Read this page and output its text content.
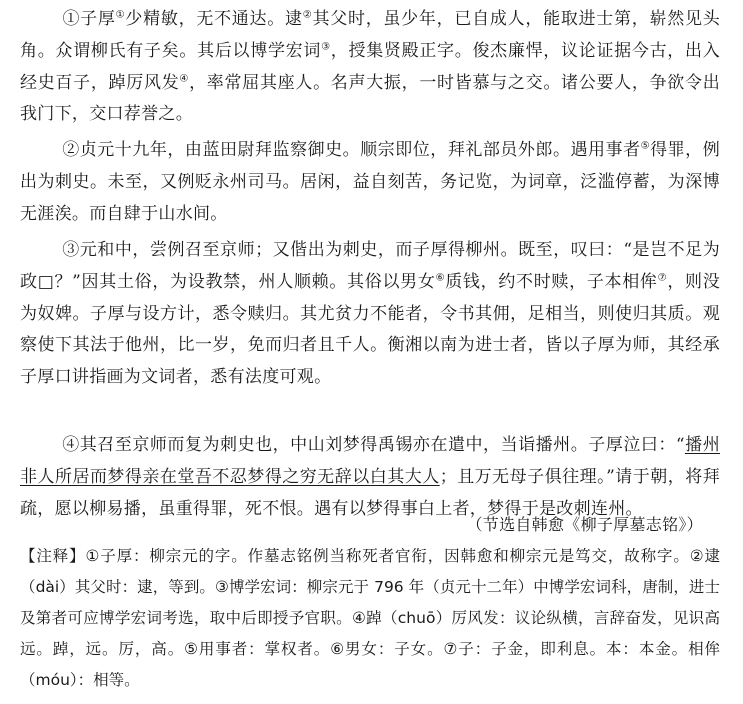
①子厚①少精敏，无不通达。逮②其父时，虽少年，已自成人，能取进士第，崭然见头角。众谓柳氏有子矣。其后以博学宏词③，授集贤殿正字。俊杰廉悍，议论证据今古，出入经史百子，踔厉风发④，率常屈其座人。名声大振，一时皆慕与之交。诸公要人，争欲令出我门下，交口荐誉之。
②贞元十九年，由蓝田尉拜监察御史。顺宗即位，拜礼部员外郎。遇用事者⑤得罪，例出为刺史。未至，又例贬永州司马。居闲，益自刻苦，务记览，为词章，泛滥停蓄，为深博无涯涘。而自肆于山水间。
③元和中，尝例召至京师；又偕出为刺史，而子厚得柳州。既至，叹曰：“是岂不足为政□？”因其土俗，为设教禁，州人顺赖。其俗以男女⑥质钱，约不时赎，子本相侔⑦，则没为奴婢。子厚与设方计，悉令赎归。其尤贫力不能者，令书其佣，足相当，则使归其质。观察使下其法于他州，比一岁，免而归者且千人。衡湘以南为进士者，皆以子厚为师，其经承子厚口讲指画为文词者，悉有法度可观。
④其召至京师而复为刺史也，中山刘梦得禹锡亦在遣中，当诣播州。子厚泣曰：“播州非人所居而梦得亲在堂吾不忍梦得之穷无辞以白其大人；且万无母子俱往理。”请于朝，将拜疏，愿以柳易播，虽重得罪，死不恨。遇有以梦得事白上者，梦得于是改刺连州。
（节选自韩愈《柳子厚墓志铭》）
【注释】①子厚：柳宗元的字。作墓志铭例当称死者官衔，因韩愈和柳宗元是笃交，故称字。②逮（dài）其父时：逮，等到。③博学宏词：柳宗元于 796 年（贞元十二年）中博学宏词科，唐制，进士及第者可应博学宏词考选，取中后即授予官职。④踔（chuō）厉风发：议论纵横，言辞奋发，见识高远。踔，远。厉，高。⑤用事者：掌权者。⑥男女：子女。⑦子：子金，即利息。本：本金。相侔（móu）：相等。
